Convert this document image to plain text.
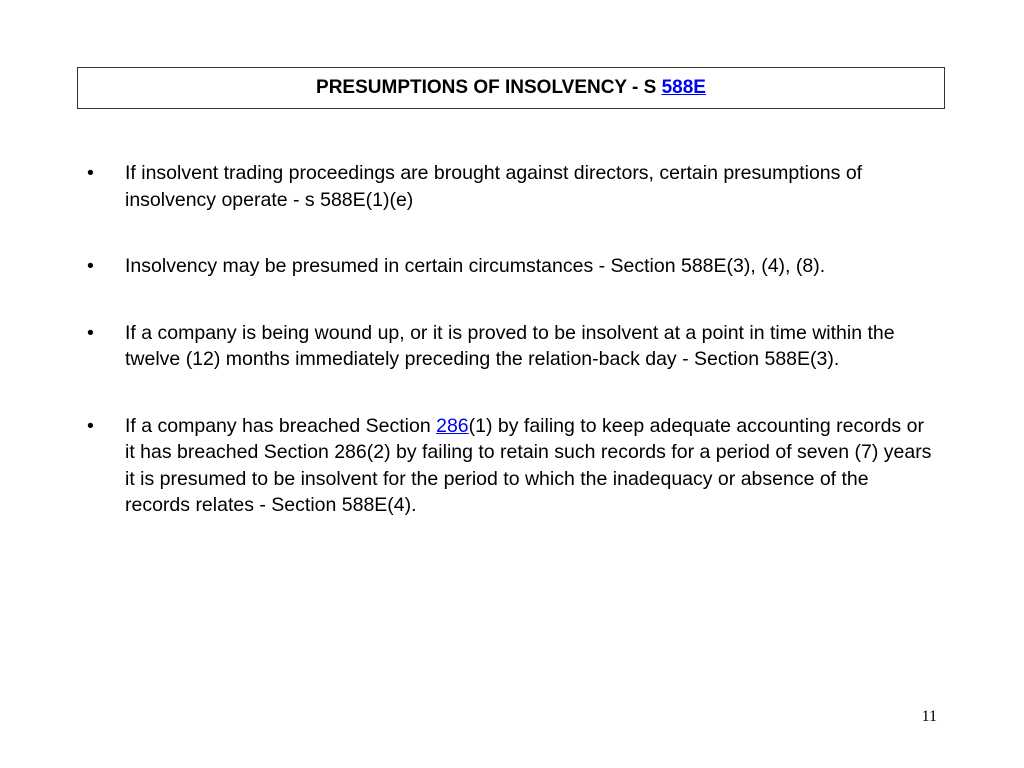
PRESUMPTIONS OF INSOLVENCY - S 588E
•	If insolvent trading proceedings are brought against directors, certain presumptions of insolvency operate - s 588E(1)(e)
•	Insolvency may be presumed in certain circumstances - Section 588E(3), (4), (8).
•	If a company is being wound up, or it is proved to be insolvent at a point in time within the twelve (12) months immediately preceding the relation-back day - Section 588E(3).
•	If a company has breached Section 286(1) by failing to keep adequate accounting records or it has breached Section 286(2) by failing to retain such records for a period of seven (7) years it is presumed to be insolvent for the period to which the inadequacy or absence of the records relates - Section 588E(4).
11
